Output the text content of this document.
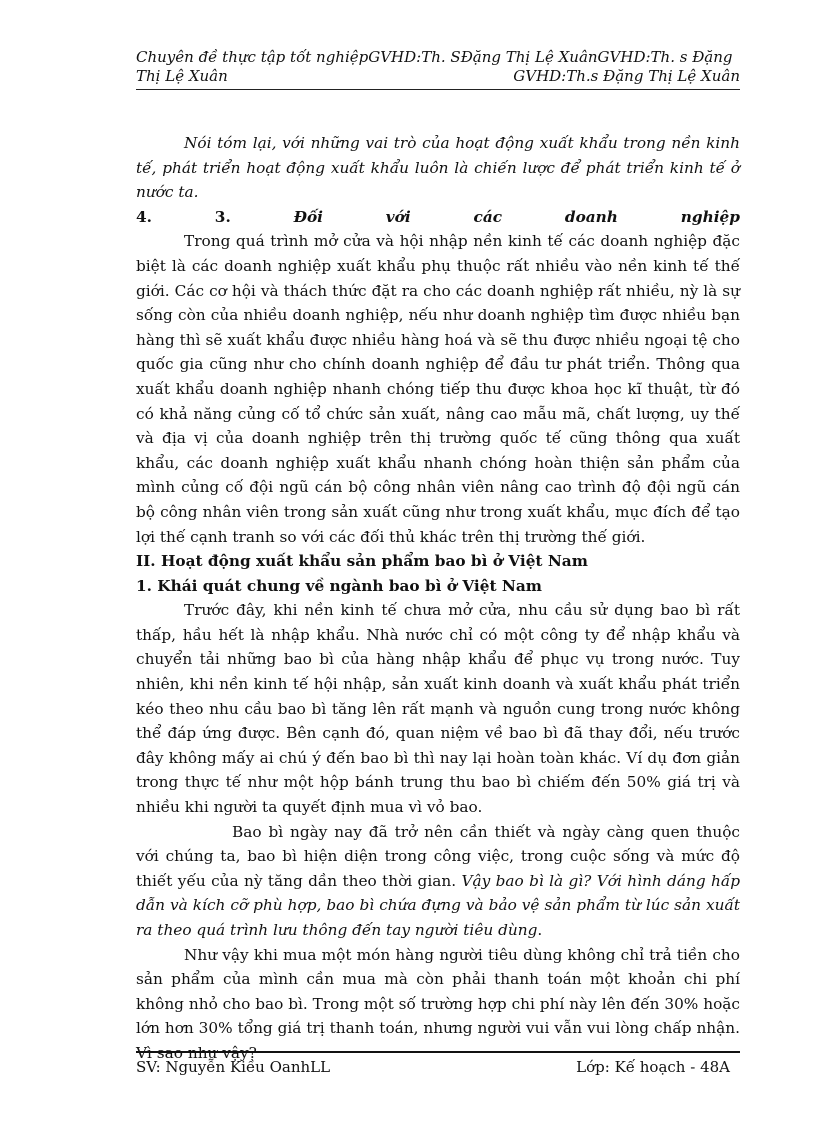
Chuyên đề thực tập tốt nghiệpGVHD:Th. SĐặng Thị Lệ XuânGVHD:Th. s Đặng
Thị Lệ Xuân	GVHD:Th.s Đặng Thị Lệ Xuân

Nói tóm lại, với những vai trò của hoạt động xuất khẩu trong nền kinh tế, phát triển hoạt động xuất khẩu luôn là chiến lược để phát triển kinh tế ở nước ta.

4.	3.	Đối	với	các	doanh	nghiệp

Trong quá trình mở cửa và hội nhập nền kinh tế các doanh nghiệp đặc biệt là các doanh nghiệp xuất khẩu phụ thuộc rất nhiều vào nền kinh tế thế giới. Các cơ hội và thách thức đặt ra cho các doanh nghiệp rất nhiều, nỳ là sự sống còn của nhiều doanh nghiệp, nếu như doanh nghiệp tìm được nhiều bạn hàng thì sẽ xuất khẩu được nhiều hàng hoá và sẽ thu được nhiều ngoại tệ cho quốc gia cũng như cho chính doanh nghiệp để đầu tư phát triển. Thông qua xuất khẩu doanh nghiệp nhanh chóng tiếp thu được khoa học kĩ thuật, từ đó có khả năng củng cố tổ chức sản xuất, nâng cao mẫu mã, chất lượng, uy thế và địa vị của doanh nghiệp trên thị trường quốc tế cũng thông qua xuất khẩu, các doanh nghiệp xuất khẩu nhanh chóng hoàn thiện sản phẩm của mình củng cố đội ngũ cán bộ công nhân viên nâng cao trình độ đội ngũ cán bộ công nhân viên trong sản xuất cũng như trong xuất khẩu, mục đích để tạo lợi thế cạnh tranh so với các đối thủ khác trên thị trường thế giới.

II. Hoạt động xuất khẩu sản phẩm bao bì ở Việt Nam

1. Khái quát chung về ngành bao bì ở Việt Nam

Trước đây, khi nền kinh tế chưa mở cửa, nhu cầu sử dụng bao bì rất thấp, hầu hết là nhập khẩu. Nhà nước chỉ có một công ty để nhập khẩu và chuyển tải những bao bì của hàng nhập khẩu để phục vụ trong nước. Tuy nhiên, khi nền kinh tế hội nhập, sản xuất kinh doanh và xuất khẩu phát triển kéo theo nhu cầu bao bì tăng lên rất mạnh và nguồn cung trong nước không thể đáp ứng được. Bên cạnh đó, quan niệm về bao bì đã thay đổi, nếu trước đây không mấy ai chú ý đến bao bì thì nay lại hoàn toàn khác. Ví dụ đơn giản trong thực tế như một hộp bánh trung thu bao bì chiếm đến 50% giá trị và nhiều khi người ta quyết định mua vì vỏ bao.

Bao bì ngày nay đã trở nên cần thiết và ngày càng quen thuộc với chúng ta, bao bì hiện diện trong công việc, trong cuộc sống và mức độ thiết yếu của nỳ tăng dần theo thời gian. Vậy bao bì là gì? Với hình dáng hấp dẫn và kích cỡ phù hợp, bao bì chứa đựng và bảo vệ sản phẩm từ lúc sản xuất ra theo quá trình lưu thông đến tay người tiêu dùng.

Như vậy khi mua một món hàng người tiêu dùng không chỉ trả tiền cho sản phẩm của mình cần mua mà còn phải thanh toán một khoản chi phí không nhỏ cho bao bì. Trong một số trường hợp chi phí này lên đến 30% hoặc lớn hơn 30% tổng giá trị thanh toán, nhưng người vui vẫn vui lòng chấp nhận. Vì sao như vậy?

SV: Nguyễn Kiều OanhLL	Lớp: Kế hoạch - 48A
